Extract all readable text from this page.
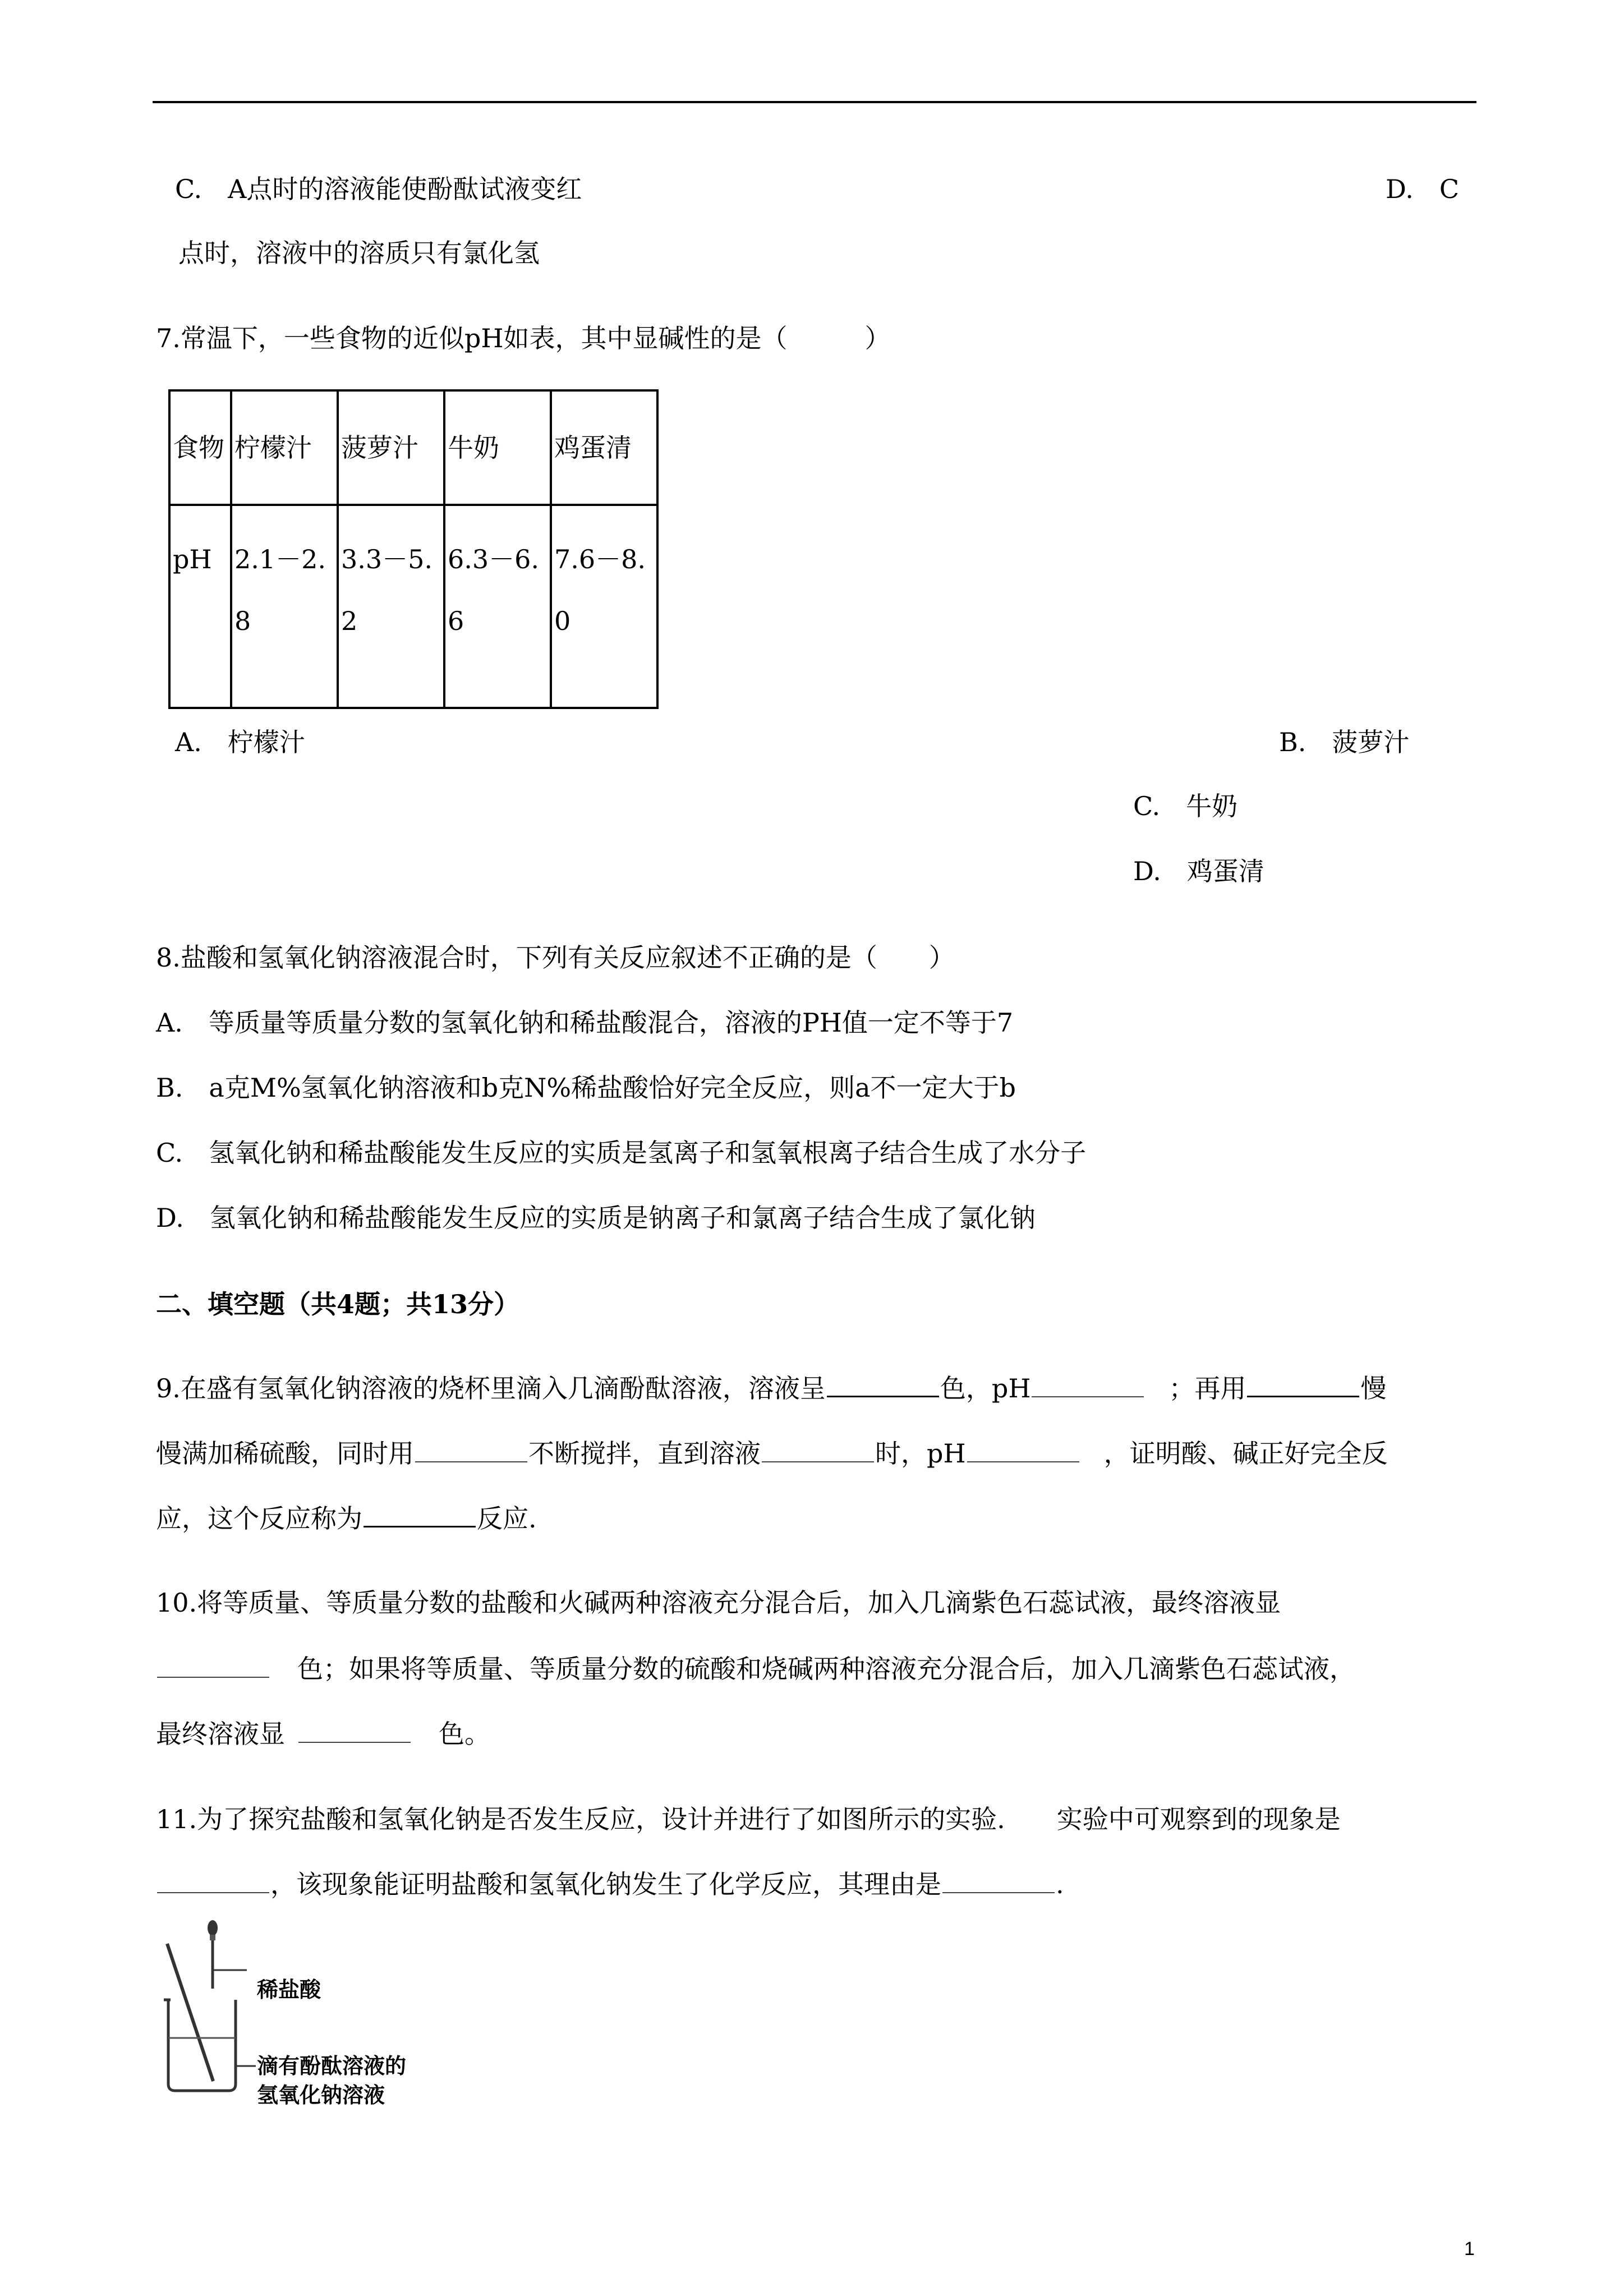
C.　A点时的溶液能使酚酞试液变红	D.　C
点时，溶液中的溶质只有氯化氢
7.常温下，一些食物的近似pH如表，其中显碱性的是（　　　）
食物	柠檬汁	菠萝汁	牛奶	鸡蛋清
pH	2.1－2.8	3.3－5.2	6.3－6.6	7.6－8.0
A.　柠檬汁	B.　菠萝汁
C.　牛奶
D.　鸡蛋清
8.盐酸和氢氧化钠溶液混合时，下列有关反应叙述不正确的是（　　）
A.　等质量等质量分数的氢氧化钠和稀盐酸混合，溶液的PH值一定不等于7
B.　a克M%氢氧化钠溶液和b克N%稀盐酸恰好完全反应，则a不一定大于b
C.　氢氧化钠和稀盐酸能发生反应的实质是氢离子和氢氧根离子结合生成了水分子
D.　氢氧化钠和稀盐酸能发生反应的实质是钠离子和氯离子结合生成了氯化钠
二、填空题（共4题；共13分）
9.在盛有氢氧化钠溶液的烧杯里滴入几滴酚酞溶液，溶液呈	色，pH	；再用	慢
慢满加稀硫酸，同时用	不断搅拌，直到溶液	时，pH	，证明酸、碱正好完全反
应，这个反应称为	反应.
10.将等质量、等质量分数的盐酸和火碱两种溶液充分混合后，加入几滴紫色石蕊试液，最终溶液显
色；如果将等质量、等质量分数的硫酸和烧碱两种溶液充分混合后，加入几滴紫色石蕊试液，
最终溶液显	色。
11.为了探究盐酸和氢氧化钠是否发生反应，设计并进行了如图所示的实验.　　实验中可观察到的现象是
，该现象能证明盐酸和氢氧化钠发生了化学反应，其理由是	.
稀盐酸
滴有酚酞溶液的
氢氧化钠溶液
1
